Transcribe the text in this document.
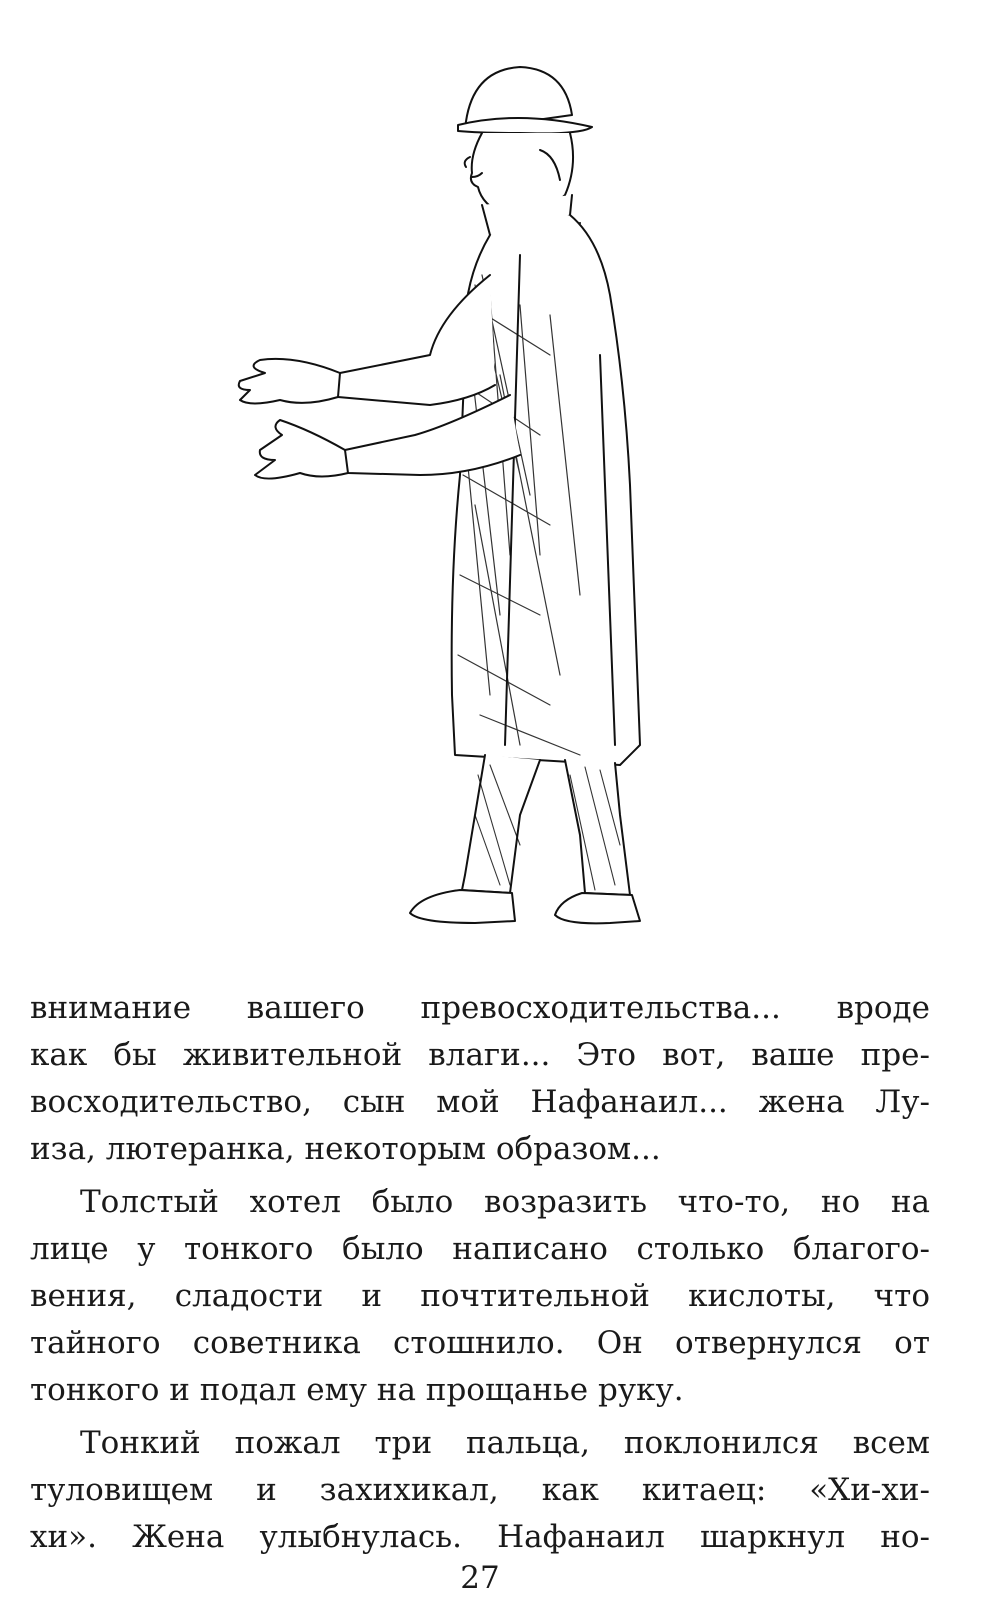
внимание вашего превосходительства... вроде
как бы живительной влаги... Это вот, ваше пре-
восходительство, сын мой Нафанаил... жена Лу-
иза, лютеранка, некоторым образом...

Толстый хотел было возразить что-то, но на
лице у тонкого было написано столько благого-
вения, сладости и почтительной кислоты, что
тайного советника стошнило. Он отвернулся от
тонкого и подал ему на прощанье руку.

Тонкий пожал три пальца, поклонился всем
туловищем и захихикал, как китаец: «Хи-хи-
хи». Жена улыбнулась. Нафанаил шаркнул но-

27
